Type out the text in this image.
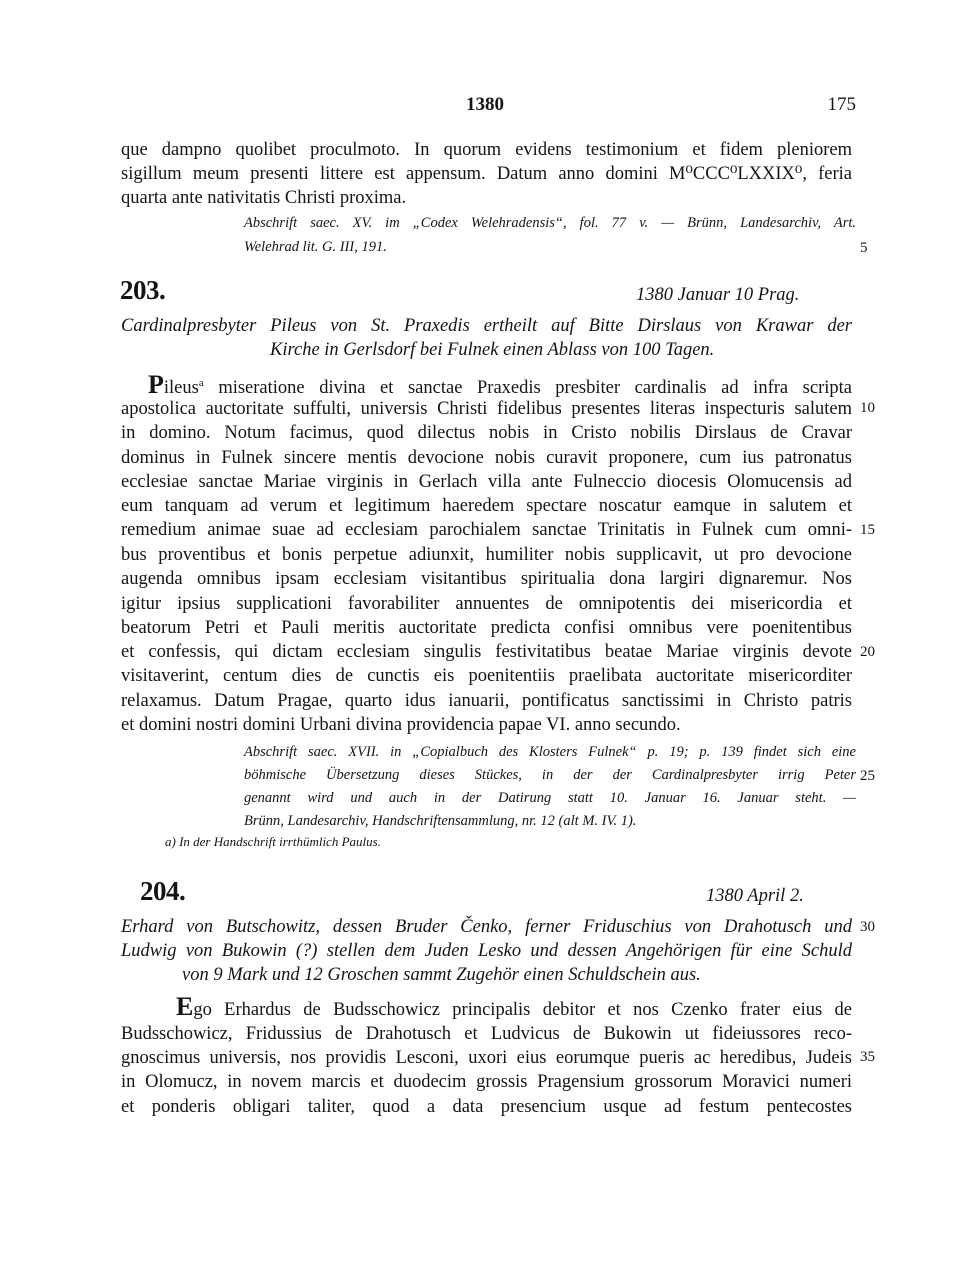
1380	175
que dampno quolibet proculmoto. In quorum evidens testimonium et fidem pleniorem
sigillum meum presenti littere est appensum. Datum anno domini M⁰CCC⁰LXXIX⁰, feria
quarta ante nativitatis Christi proxima.
Abschrift saec. XV. im „Codex Welehradensis“, fol. 77 v. — Brünn, Landesarchiv, Art.
Welehrad lit. G. III, 191.	5
203.	1380 Januar 10 Prag.
Cardinalpresbyter Pileus von St. Praxedis ertheilt auf Bitte Dirslaus von Krawar der
Kirche in Gerlsdorf bei Fulnek einen Ablass von 100 Tagen.
Pileus$^a$ miseratione divina et sanctae Praxedis presbiter cardinalis ad infra scripta
apostolica auctoritate suffulti, universis Christi fidelibus presentes literas inspecturis salutem 10
in domino. Notum facimus, quod dilectus nobis in Cristo nobilis Dirslaus de Cravar
dominus in Fulnek sincere mentis devocione nobis curavit proponere, cum ius patronatus
ecclesiae sanctae Mariae virginis in Gerlach villa ante Fulneccio diocesis Olomucensis ad
eum tanquam ad verum et legitimum haeredem spectare noscatur eamque in salutem et
remedium animae suae ad ecclesiam parochialem sanctae Trinitatis in Fulnek cum omni- 15
bus proventibus et bonis perpetue adiunxit, humiliter nobis supplicavit, ut pro devocione
augenda omnibus ipsam ecclesiam visitantibus spiritualia dona largiri dignaremur. Nos
igitur ipsius supplicationi favorabiliter annuentes de omnipotentis dei misericordia et
beatorum Petri et Pauli meritis auctoritate predicta confisi omnibus vere poenitentibus
et confessis, qui dictam ecclesiam singulis festivitatibus beatae Mariae virginis devote 20
visitaverint, centum dies de cunctis eis poenitentiis praelibata auctoritate misericorditer
relaxamus. Datum Pragae, quarto idus ianuarii, pontificatus sanctissimi in Christo patris
et domini nostri domini Urbani divina providencia papae VI. anno secundo.
Abschrift saec. XVII. in „Copialbuch des Klosters Fulnek“ p. 19; p. 139 findet sich eine
böhmische Übersetzung dieses Stückes, in der der Cardinalpresbyter irrig Peter 25
genannt wird und auch in der Datirung statt 10. Januar 16. Januar steht. —
Brünn, Landesarchiv, Handschriftensammlung, nr. 12 (alt M. IV. 1).
a) In der Handschrift irrthümlich Paulus.
204.	1380 April 2.
Erhard von Butschowitz, dessen Bruder Čenko, ferner Friduschius von Drahotusch und 30
Ludwig von Bukowin (?) stellen dem Juden Lesko und dessen Angehörigen für eine Schuld
von 9 Mark und 12 Groschen sammt Zugehör einen Schuldschein aus.
Ego Erhardus de Budsschowicz principalis debitor et nos Czenko frater eius de
Budsschowicz, Fridussius de Drahotusch et Ludvicus de Bukowin ut fideiussores reco-
gnoscimus universis, nos providis Lesconi, uxori eius eorumque pueris ac heredibus, Judeis 35
in Olomucz, in novem marcis et duodecim grossis Pragensium grossorum Moravici numeri
et ponderis obligari taliter, quod a data presencium usque ad festum pentecostes
